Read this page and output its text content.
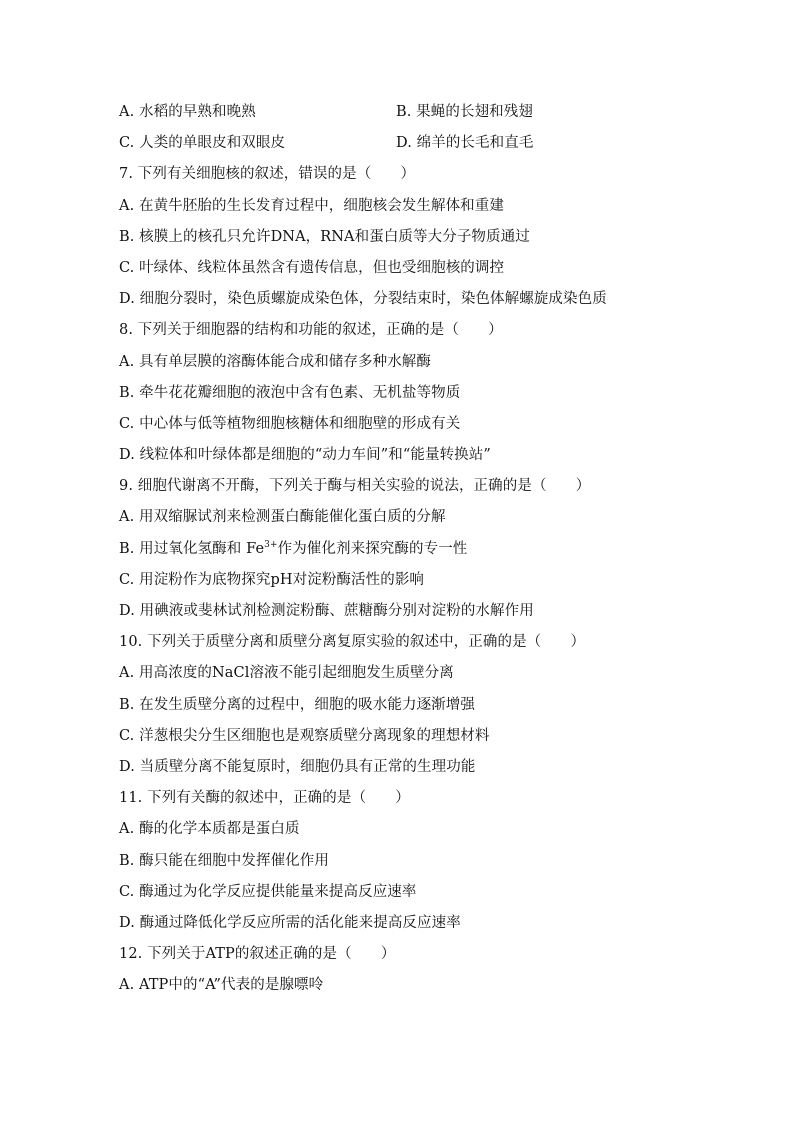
A. 水稻的早熟和晚熟	B. 果蝇的长翅和残翅
C. 人类的单眼皮和双眼皮	D. 绵羊的长毛和直毛
7. 下列有关细胞核的叙述，错误的是（　　）
A. 在黄牛胚胎的生长发育过程中，细胞核会发生解体和重建
B. 核膜上的核孔只允许DNA，RNA和蛋白质等大分子物质通过
C. 叶绿体、线粒体虽然含有遗传信息，但也受细胞核的调控
D. 细胞分裂时，染色质螺旋成染色体，分裂结束时，染色体解螺旋成染色质
8. 下列关于细胞器的结构和功能的叙述，正确的是（　　）
A. 具有单层膜的溶酶体能合成和储存多种水解酶
B. 牵牛花花瓣细胞的液泡中含有色素、无机盐等物质
C. 中心体与低等植物细胞核糖体和细胞壁的形成有关
D. 线粒体和叶绿体都是细胞的“动力车间”和“能量转换站”
9. 细胞代谢离不开酶，下列关于酶与相关实验的说法，正确的是（　　）
A. 用双缩脲试剂来检测蛋白酶能催化蛋白质的分解
B. 用过氧化氢酶和 $Fe^{3+}$作为催化剂来探究酶的专一性
C. 用淀粉作为底物探究pH对淀粉酶活性的影响
D. 用碘液或斐林试剂检测淀粉酶、蔗糖酶分别对淀粉的水解作用
10. 下列关于质壁分离和质壁分离复原实验的叙述中，正确的是（　　）
A. 用高浓度的NaCl溶液不能引起细胞发生质壁分离
B. 在发生质壁分离的过程中，细胞的吸水能力逐渐增强
C. 洋葱根尖分生区细胞也是观察质壁分离现象的理想材料
D. 当质壁分离不能复原时，细胞仍具有正常的生理功能
11. 下列有关酶的叙述中，正确的是（　　）
A. 酶的化学本质都是蛋白质
B. 酶只能在细胞中发挥催化作用
C. 酶通过为化学反应提供能量来提高反应速率
D. 酶通过降低化学反应所需的活化能来提高反应速率
12. 下列关于ATP的叙述正确的是（　　）
A. ATP中的“A”代表的是腺嘌呤
